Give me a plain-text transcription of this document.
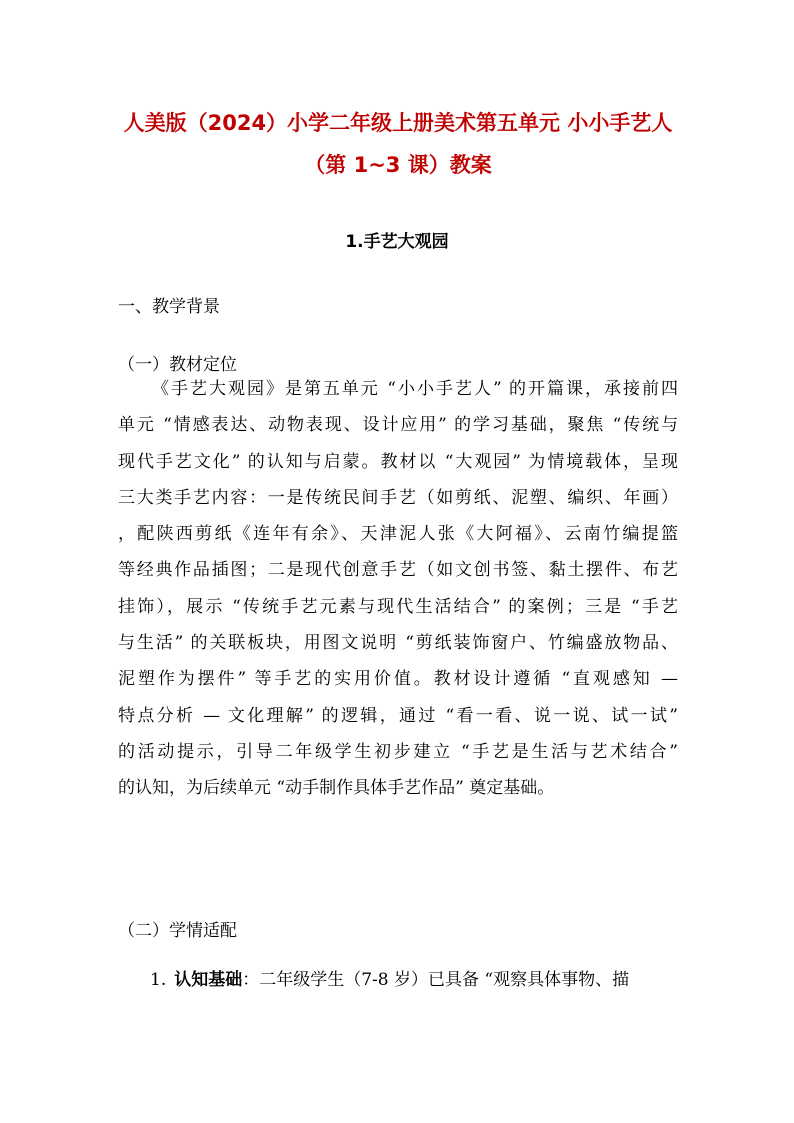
人美版（2024）小学二年级上册美术第五单元 小小手艺人（第 1~3 课）教案
1.手艺大观园
一、教学背景
（一）教材定位
《手艺大观园》是第五单元 “小小手艺人” 的开篇课，承接前四
单元 “情感表达、动物表现、设计应用” 的学习基础，聚焦 “传统与
现代手艺文化” 的认知与启蒙。教材以 “大观园” 为情境载体，呈现
三大类手艺内容：一是传统民间手艺（如剪纸、泥塑、编织、年画）
，配陕西剪纸《连年有余》、天津泥人张《大阿福》、云南竹编提篮
等经典作品插图；二是现代创意手艺（如文创书签、黏土摆件、布艺
挂饰），展示 “传统手艺元素与现代生活结合” 的案例；三是 “手艺
与生活” 的关联板块，用图文说明 “剪纸装饰窗户、竹编盛放物品、
泥塑作为摆件” 等手艺的实用价值。教材设计遵循 “直观感知 —
特点分析 — 文化理解” 的逻辑，通过 “看一看、说一说、试一试”
的活动提示，引导二年级学生初步建立 “手艺是生活与艺术结合”
的认知，为后续单元 “动手制作具体手艺作品” 奠定基础。
（二）学情适配

1. 认知基础：二年级学生（7-8 岁）已具备 “观察具体事物、描
